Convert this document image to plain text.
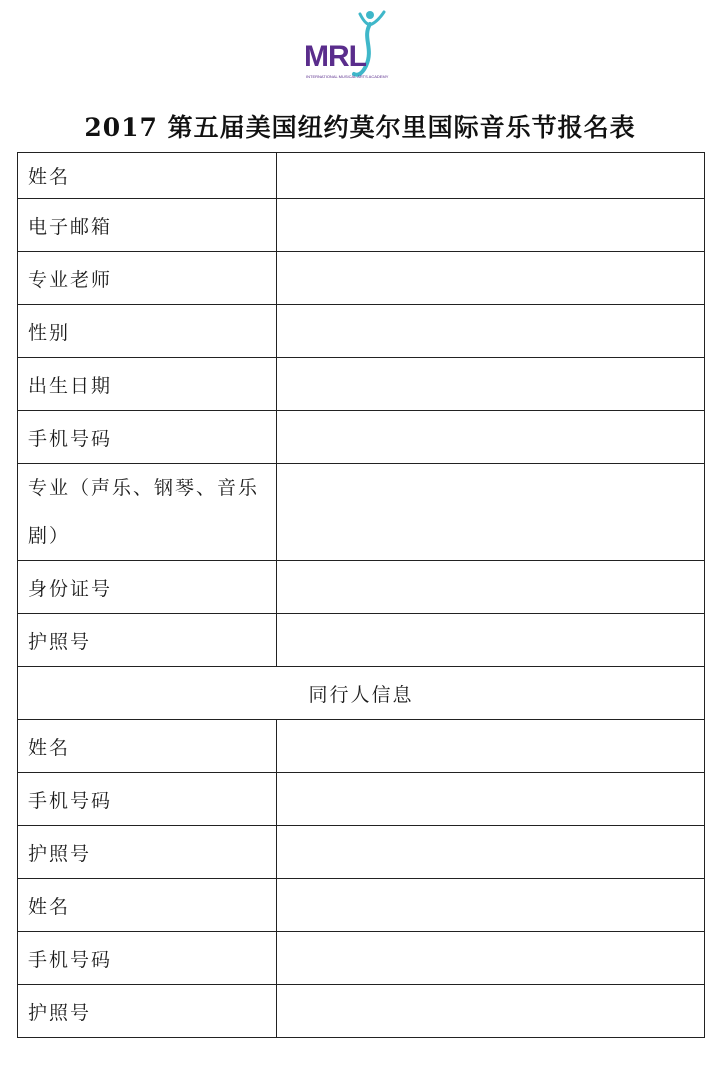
MRL
INTERNATIONAL MUSICAL ARTS ACADEMY
2017 第五届美国纽约莫尔里国际音乐节报名表
姓名	
电子邮箱	
专业老师	
性别	
出生日期	
手机号码	
专业（声乐、钢琴、音乐剧）	
身份证号	
护照号	
同行人信息	
姓名	
手机号码	
护照号	
姓名	
手机号码	
护照号	
